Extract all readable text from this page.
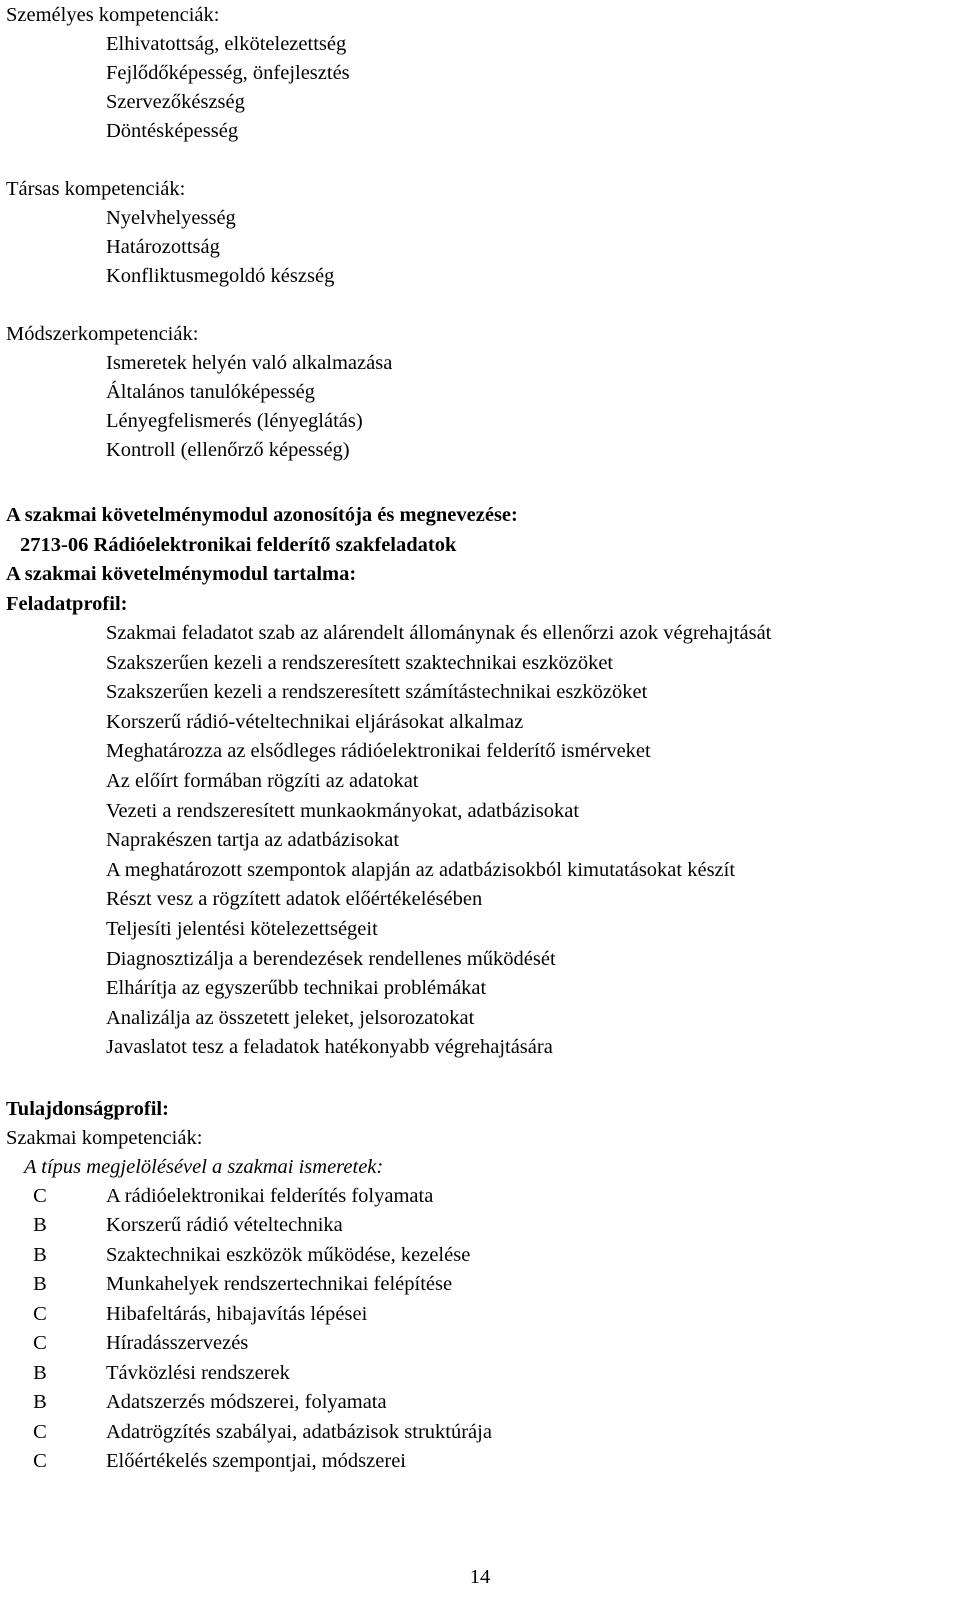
Személyes kompetenciák:
Elhivatottság, elkötelezettség
Fejlődőképesség, önfejlesztés
Szervezőkészség
Döntésképesség
Társas kompetenciák:
Nyelvhelyesség
Határozottság
Konfliktusmegoldó készség
Módszerkompetenciák:
Ismeretek helyén való alkalmazása
Általános tanulóképesség
Lényegfelismerés (lényeglátás)
Kontroll (ellenőrző képesség)
A szakmai követelménymodul azonosítója és megnevezése:
2713-06 Rádióelektronikai felderítő szakfeladatok
A szakmai követelménymodul tartalma:
Feladatprofil:
Szakmai feladatot szab az alárendelt állománynak és ellenőrzi azok végrehajtását
Szakszerűen kezeli a rendszeresített szaktechnikai eszközöket
Szakszerűen kezeli a rendszeresített számítástechnikai eszközöket
Korszerű rádió-vételtechnikai eljárásokat alkalmaz
Meghatározza az elsődleges rádióelektronikai felderítő ismérveket
Az előírt formában rögzíti az adatokat
Vezeti a rendszeresített munkaokmányokat, adatbázisokat
Naprakészen tartja az adatbázisokat
A meghatározott szempontok alapján az adatbázisokból kimutatásokat készít
Részt vesz a rögzített adatok előértékelésében
Teljesíti jelentési kötelezettségeit
Diagnosztizálja a berendezések rendellenes működését
Elhárítja az egyszerűbb technikai problémákat
Analizálja az összetett jeleket, jelsorozatokat
Javaslatot tesz a feladatok hatékonyabb végrehajtására
Tulajdonságprofil:
Szakmai kompetenciák:
A típus megjelölésével a szakmai ismeretek:
C	A rádióelektronikai felderítés folyamata
B	Korszerű rádió vételtechnika
B	Szaktechnikai eszközök működése, kezelése
B	Munkahelyek rendszertechnikai felépítése
C	Hibafeltárás, hibajavítás lépései
C	Híradásszervezés
B	Távközlési rendszerek
B	Adatszerzés módszerei, folyamata
C	Adatrögzítés szabályai, adatbázisok struktúrája
C	Előértékelés szempontjai, módszerei
14
